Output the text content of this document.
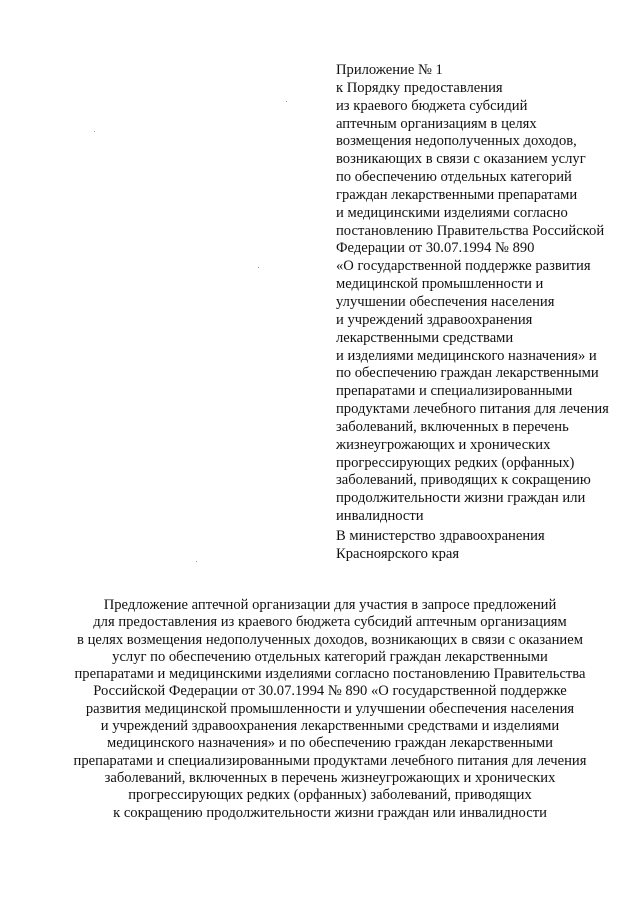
Приложение № 1
к Порядку предоставления
из краевого бюджета субсидий
аптечным организациям в целях
возмещения недополученных доходов,
возникающих в связи с оказанием услуг
по обеспечению отдельных категорий
граждан лекарственными препаратами
и медицинскими изделиями согласно
постановлению Правительства Российской
Федерации от 30.07.1994 № 890
«О государственной поддержке развития
медицинской промышленности и
улучшении обеспечения населения
и учреждений здравоохранения
лекарственными средствами
и изделиями медицинского назначения» и
по обеспечению граждан лекарственными
препаратами и специализированными
продуктами лечебного питания для лечения
заболеваний, включенных в перечень
жизнеугрожающих и хронических
прогрессирующих редких (орфанных)
заболеваний, приводящих к сокращению
продолжительности жизни граждан или
инвалидности
В министерство здравоохранения
Красноярского края
Предложение аптечной организации для участия в запросе предложений
для предоставления из краевого бюджета субсидий аптечным организациям
в целях возмещения недополученных доходов, возникающих в связи с оказанием
услуг по обеспечению отдельных категорий граждан лекарственными
препаратами и медицинскими изделиями согласно постановлению Правительства
Российской Федерации от 30.07.1994 № 890 «О государственной поддержке
развития медицинской промышленности и улучшении обеспечения населения
и учреждений здравоохранения лекарственными средствами и изделиями
медицинского назначения» и по обеспечению граждан лекарственными
препаратами и специализированными продуктами лечебного питания для лечения
заболеваний, включенных в перечень жизнеугрожающих и хронических
прогрессирующих редких (орфанных) заболеваний, приводящих
к сокращению продолжительности жизни граждан или инвалидности
